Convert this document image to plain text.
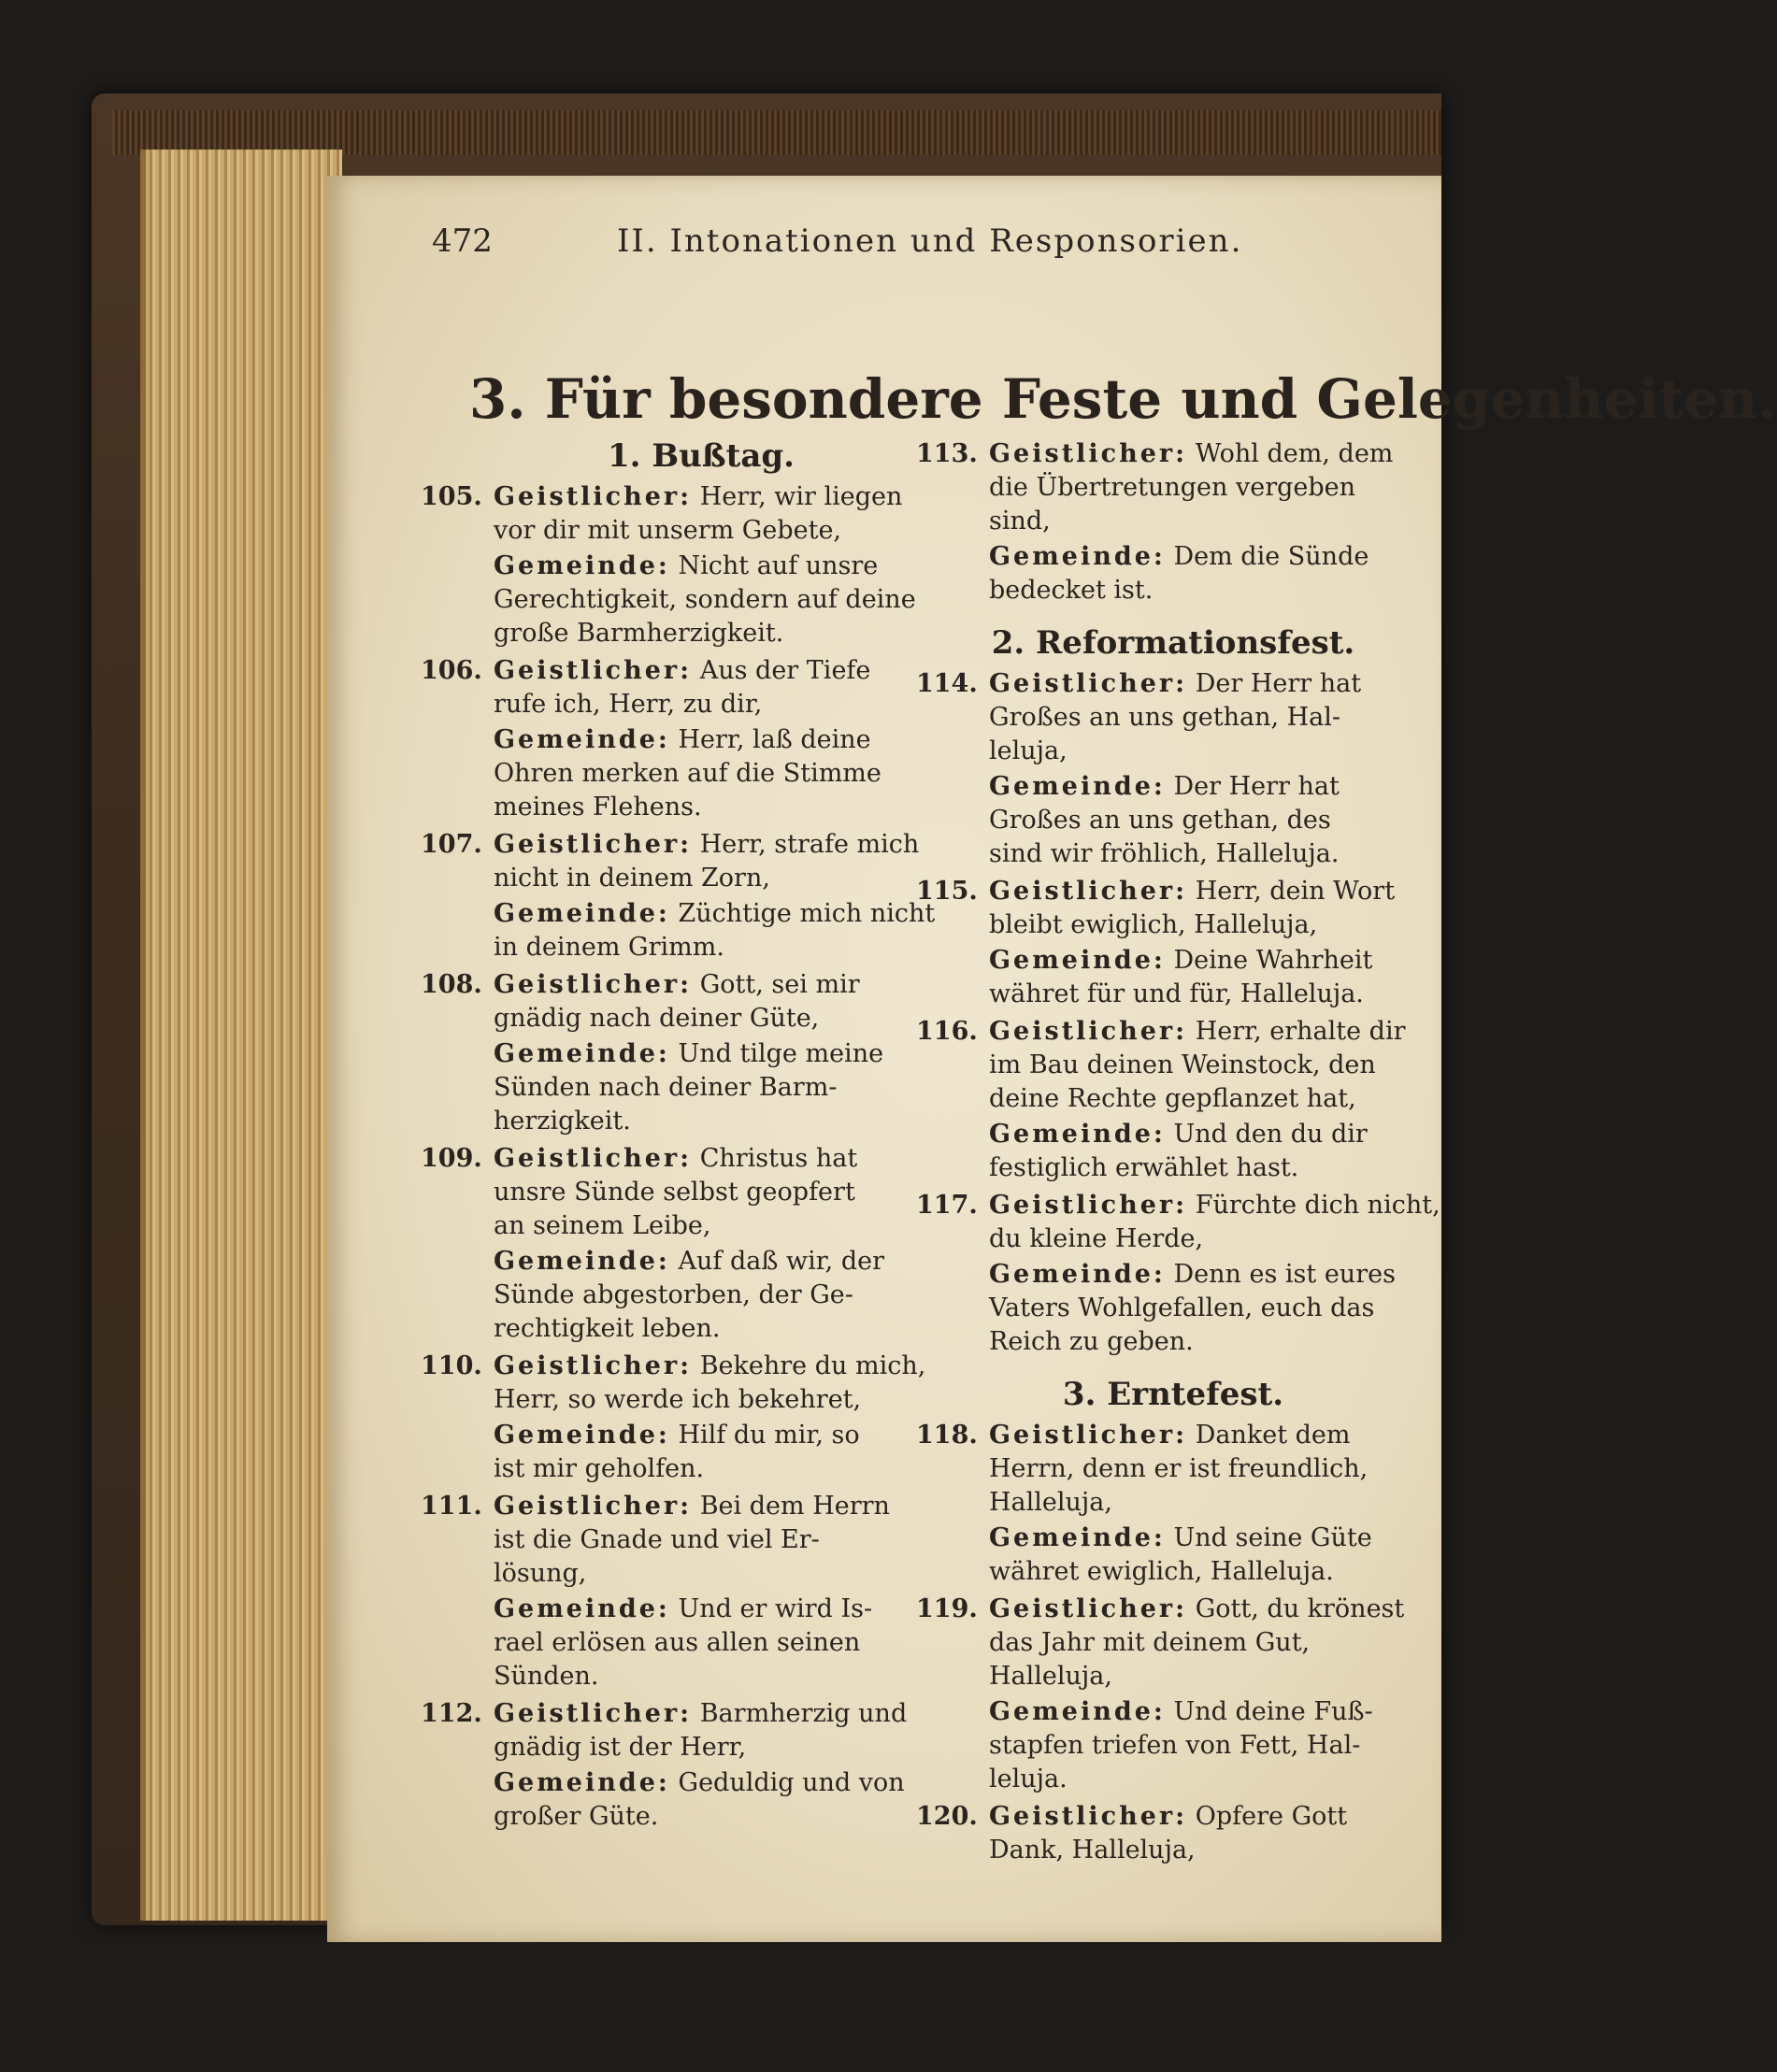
472	II. Intonationen und Responsorien.
3. Für besondere Feste und Gelegenheiten.
1. Bußtag.
105. Geistlicher: Herr, wir liegen
vor dir mit unserm Gebete,
Gemeinde: Nicht auf unsre
Gerechtigkeit, sondern auf deine
große Barmherzigkeit.
106. Geistlicher: Aus der Tiefe
rufe ich, Herr, zu dir,
Gemeinde: Herr, laß deine
Ohren merken auf die Stimme
meines Flehens.
107. Geistlicher: Herr, strafe mich
nicht in deinem Zorn,
Gemeinde: Züchtige mich nicht
in deinem Grimm.
108. Geistlicher: Gott, sei mir
gnädig nach deiner Güte,
Gemeinde: Und tilge meine
Sünden nach deiner Barm-
herzigkeit.
109. Geistlicher: Christus hat
unsre Sünde selbst geopfert
an seinem Leibe,
Gemeinde: Auf daß wir, der
Sünde abgestorben, der Ge-
rechtigkeit leben.
110. Geistlicher: Bekehre du mich,
Herr, so werde ich bekehret,
Gemeinde: Hilf du mir, so
ist mir geholfen.
111. Geistlicher: Bei dem Herrn
ist die Gnade und viel Er-
lösung,
Gemeinde: Und er wird Is-
rael erlösen aus allen seinen
Sünden.
112. Geistlicher: Barmherzig und
gnädig ist der Herr,
Gemeinde: Geduldig und von
großer Güte.
113. Geistlicher: Wohl dem, dem
die Übertretungen vergeben
sind,
Gemeinde: Dem die Sünde
bedecket ist.
2. Reformationsfest.
114. Geistlicher: Der Herr hat
Großes an uns gethan, Hal-
leluja,
Gemeinde: Der Herr hat
Großes an uns gethan, des
sind wir fröhlich, Halleluja.
115. Geistlicher: Herr, dein Wort
bleibt ewiglich, Halleluja,
Gemeinde: Deine Wahrheit
währet für und für, Halleluja.
116. Geistlicher: Herr, erhalte dir
im Bau deinen Weinstock, den
deine Rechte gepflanzet hat,
Gemeinde: Und den du dir
festiglich erwählet hast.
117. Geistlicher: Fürchte dich nicht,
du kleine Herde,
Gemeinde: Denn es ist eures
Vaters Wohlgefallen, euch das
Reich zu geben.
3. Erntefest.
118. Geistlicher: Danket dem
Herrn, denn er ist freundlich,
Halleluja,
Gemeinde: Und seine Güte
währet ewiglich, Halleluja.
119. Geistlicher: Gott, du krönest
das Jahr mit deinem Gut,
Halleluja,
Gemeinde: Und deine Fuß-
stapfen triefen von Fett, Hal-
leluja.
120. Geistlicher: Opfere Gott
Dank, Halleluja,
